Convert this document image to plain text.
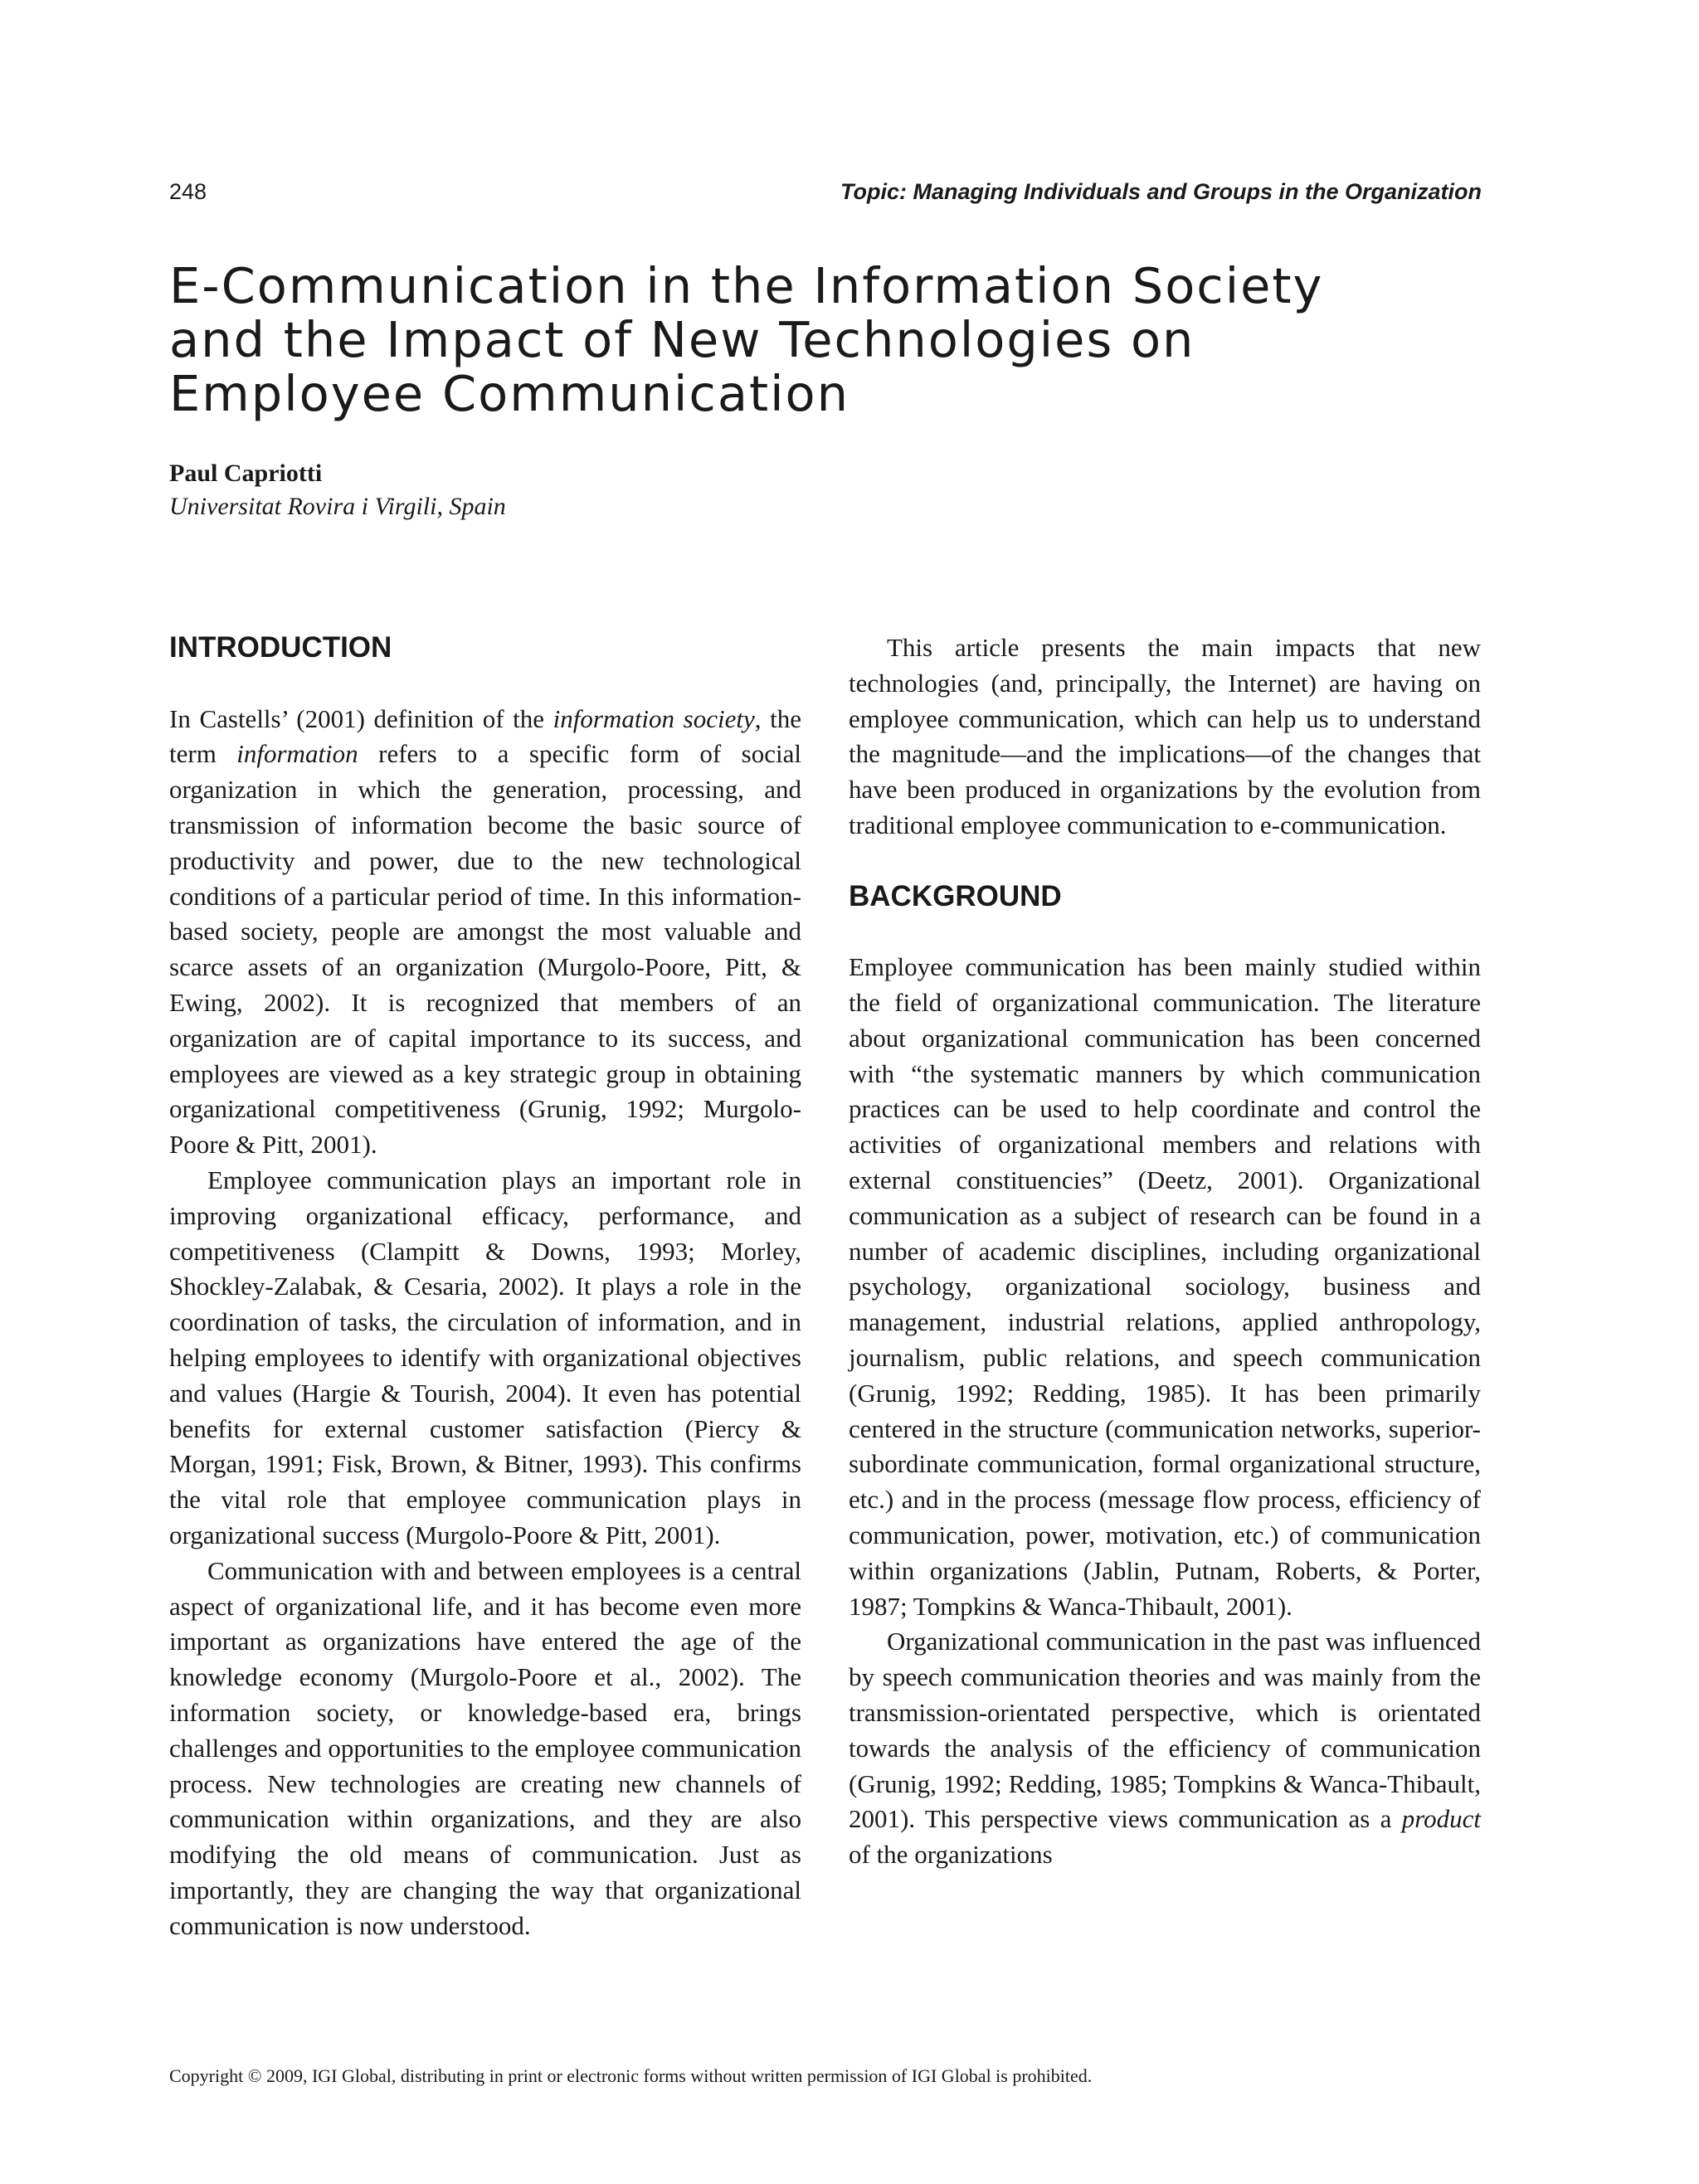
248	Topic: Managing Individuals and Groups in the Organization
E-Communication in the Information Society
and the Impact of New Technologies on
Employee Communication
Paul Capriotti
Universitat Rovira i Virgili, Spain
INTRODUCTION

In Castells’ (2001) definition of the information society, the term information refers to a specific form of social organization in which the generation, processing, and transmission of information become the basic source of productivity and power, due to the new technological conditions of a particular period of time. In this information-based society, people are amongst the most valuable and scarce assets of an organization (Murgolo-Poore, Pitt, & Ewing, 2002). It is recognized that members of an organization are of capital importance to its success, and employees are viewed as a key strategic group in obtaining organizational competitiveness (Grunig, 1992; Murgolo-Poore & Pitt, 2001).

Employee communication plays an important role in improving organizational efficacy, performance, and competitiveness (Clampitt & Downs, 1993; Morley, Shockley-Zalabak, & Cesaria, 2002). It plays a role in the coordination of tasks, the circulation of information, and in helping employees to identify with organizational objectives and values (Hargie & Tourish, 2004). It even has potential benefits for external customer satisfaction (Piercy & Morgan, 1991; Fisk, Brown, & Bitner, 1993). This confirms the vital role that employee communication plays in organizational success (Murgolo-Poore & Pitt, 2001).

Communication with and between employees is a central aspect of organizational life, and it has become even more important as organizations have entered the age of the knowledge economy (Murgolo-Poore et al., 2002). The information society, or knowledge-based era, brings challenges and opportunities to the employee communication process. New technologies are creating new channels of communication within organizations, and they are also modifying the old means of communication. Just as importantly, they are changing the way that organizational communication is now understood.

This article presents the main impacts that new technologies (and, principally, the Internet) are having on employee communication, which can help us to understand the magnitude—and the implications—of the changes that have been produced in organizations by the evolution from traditional employee communication to e-communication.

BACKGROUND

Employee communication has been mainly studied within the field of organizational communication. The literature about organizational communication has been concerned with “the systematic manners by which communication practices can be used to help coordinate and control the activities of organizational members and relations with external constituencies” (Deetz, 2001). Organizational communication as a subject of research can be found in a number of academic disciplines, including organizational psychology, organizational sociology, business and management, industrial relations, applied anthropology, journalism, public relations, and speech communication (Grunig, 1992; Redding, 1985). It has been primarily centered in the structure (communication networks, superior-subordinate communication, formal organizational structure, etc.) and in the process (message flow process, efficiency of communication, power, motivation, etc.) of communication within organizations (Jablin, Putnam, Roberts, & Porter, 1987; Tompkins & Wanca-Thibault, 2001).

Organizational communication in the past was influenced by speech communication theories and was mainly from the transmission-orientated perspective, which is orientated towards the analysis of the efficiency of communication (Grunig, 1992; Redding, 1985; Tompkins & Wanca-Thibault, 2001). This perspective views communication as a product of the organizations

Copyright © 2009, IGI Global, distributing in print or electronic forms without written permission of IGI Global is prohibited.
